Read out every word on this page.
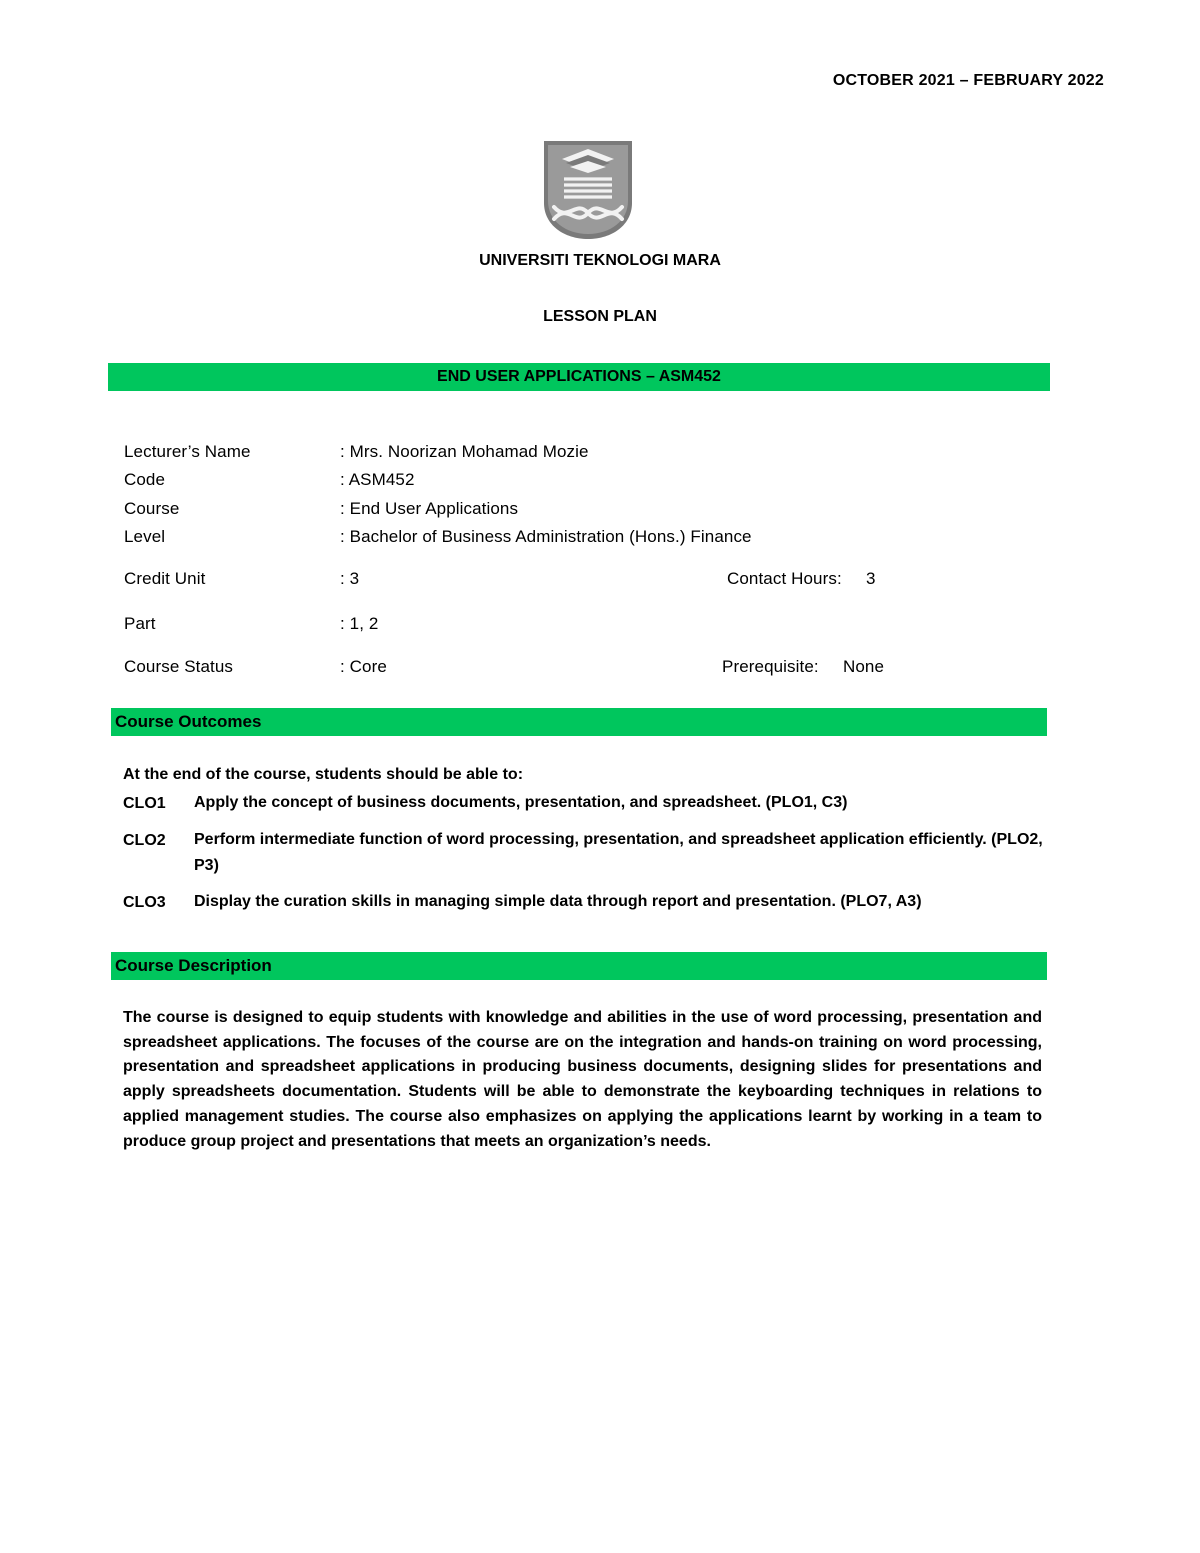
OCTOBER 2021 – FEBRUARY 2022
UNIVERSITI TEKNOLOGI MARA
LESSON PLAN
END USER APPLICATIONS – ASM452
Lecturer’s Name	: Mrs. Noorizan Mohamad Mozie
Code	: ASM452
Course	: End User Applications
Level	: Bachelor of Business Administration (Hons.) Finance
Credit Unit	: 3	Contact Hours: 3
Part	: 1, 2
Course Status	: Core	Prerequisite: None
Course Outcomes
At the end of the course, students should be able to:
CLO1 Apply the concept of business documents, presentation, and spreadsheet. (PLO1, C3)
CLO2 Perform intermediate function of word processing, presentation, and spreadsheet application efficiently. (PLO2, P3)
CLO3 Display the curation skills in managing simple data through report and presentation. (PLO7, A3)
Course Description
The course is designed to equip students with knowledge and abilities in the use of word processing, presentation and spreadsheet applications. The focuses of the course are on the integration and hands-on training on word processing, presentation and spreadsheet applications in producing business documents, designing slides for presentations and apply spreadsheets documentation. Students will be able to demonstrate the keyboarding techniques in relations to applied management studies. The course also emphasizes on applying the applications learnt by working in a team to produce group project and presentations that meets an organization’s needs.
